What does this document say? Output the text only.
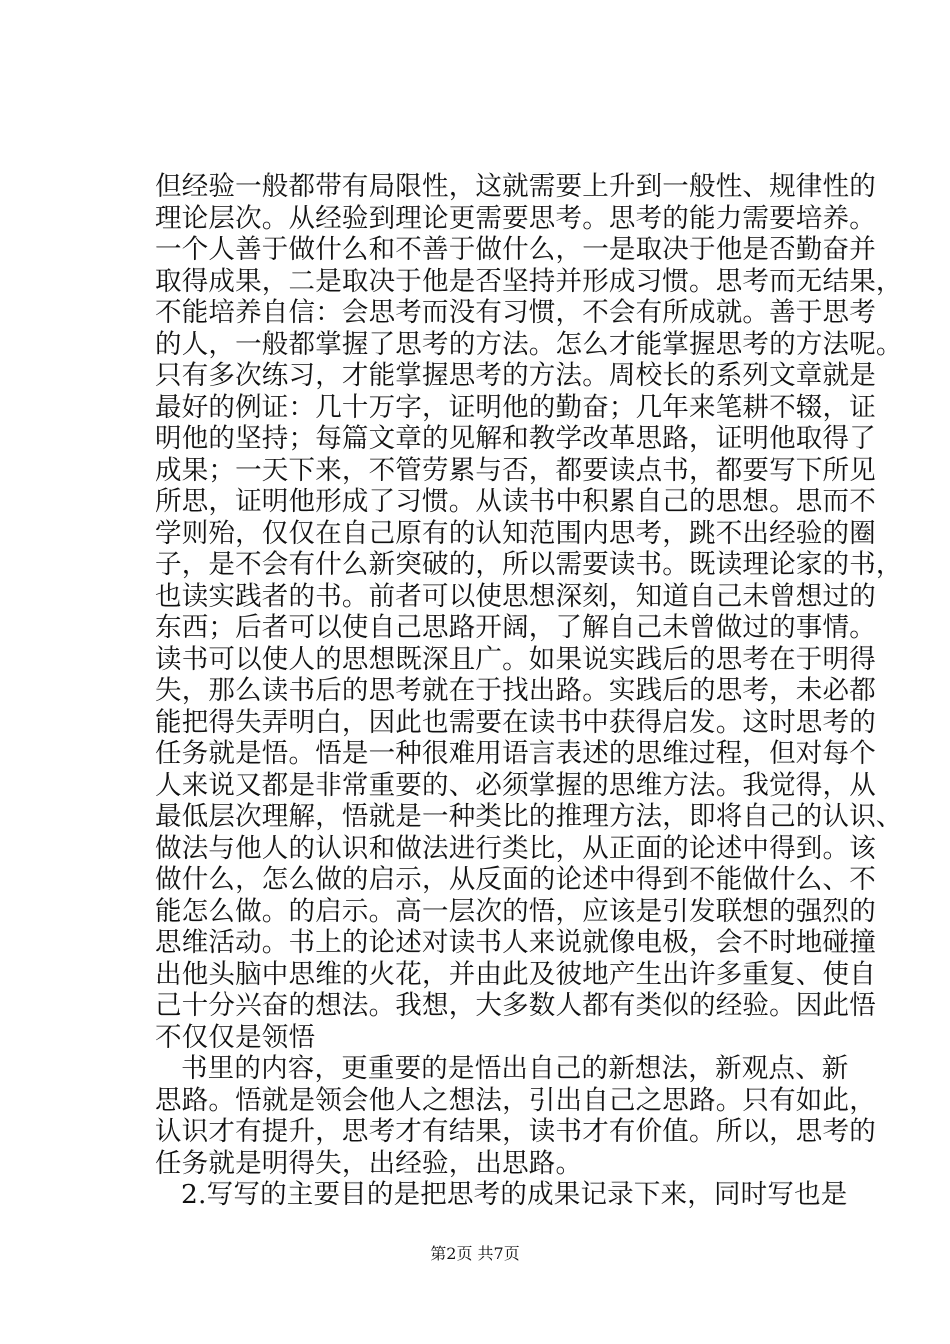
但经验一般都带有局限性，这就需要上升到一般性、规律性的
理论层次。从经验到理论更需要思考。思考的能力需要培养。
一个人善于做什么和不善于做什么，一是取决于他是否勤奋并
取得成果，二是取决于他是否坚持并形成习惯。思考而无结果，
不能培养自信：会思考而没有习惯，不会有所成就。善于思考
的人，一般都掌握了思考的方法。怎么才能掌握思考的方法呢。
只有多次练习，才能掌握思考的方法。周校长的系列文章就是
最好的例证：几十万字，证明他的勤奋；几年来笔耕不辍，证
明他的坚持；每篇文章的见解和教学改革思路，证明他取得了
成果；一天下来，不管劳累与否，都要读点书，都要写下所见
所思，证明他形成了习惯。从读书中积累自己的思想。思而不
学则殆，仅仅在自己原有的认知范围内思考，跳不出经验的圈
子，是不会有什么新突破的，所以需要读书。既读理论家的书，
也读实践者的书。前者可以使思想深刻，知道自己未曾想过的
东西；后者可以使自己思路开阔，了解自己未曾做过的事情。
读书可以使人的思想既深且广。如果说实践后的思考在于明得
失，那么读书后的思考就在于找出路。实践后的思考，未必都
能把得失弄明白，因此也需要在读书中获得启发。这时思考的
任务就是悟。悟是一种很难用语言表述的思维过程，但对每个
人来说又都是非常重要的、必须掌握的思维方法。我觉得，从
最低层次理解，悟就是一种类比的推理方法，即将自己的认识、
做法与他人的认识和做法进行类比，从正面的论述中得到。该
做什么，怎么做的启示，从反面的论述中得到不能做什么、不
能怎么做。的启示。高一层次的悟，应该是引发联想的强烈的
思维活动。书上的论述对读书人来说就像电极，会不时地碰撞
出他头脑中思维的火花，并由此及彼地产生出许多重复、使自
己十分兴奋的想法。我想，大多数人都有类似的经验。因此悟
不仅仅是领悟
书里的内容，更重要的是悟出自己的新想法，新观点、新
思路。悟就是领会他人之想法，引出自己之思路。只有如此，
认识才有提升，思考才有结果，读书才有价值。所以，思考的
任务就是明得失，出经验，出思路。
2.写写的主要目的是把思考的成果记录下来，同时写也是
第2页 共7页
